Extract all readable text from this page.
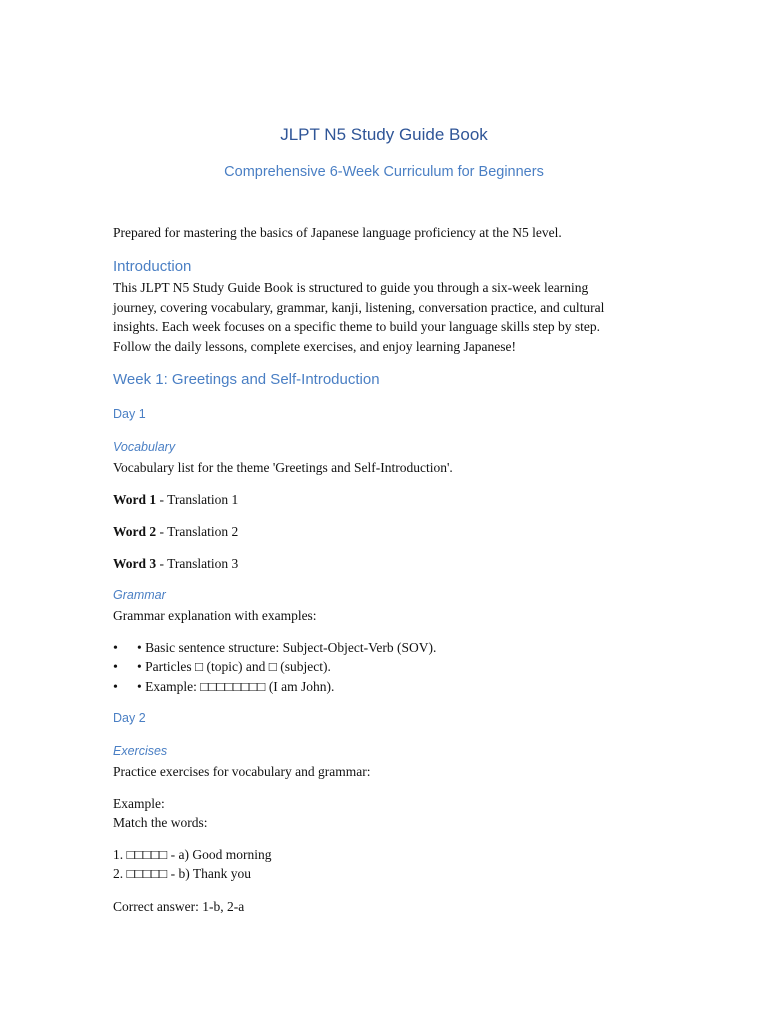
JLPT N5 Study Guide Book
Comprehensive 6-Week Curriculum for Beginners

Prepared for mastering the basics of Japanese language proficiency at the N5 level.

Introduction
This JLPT N5 Study Guide Book is structured to guide you through a six-week learning
journey, covering vocabulary, grammar, kanji, listening, conversation practice, and cultural
insights. Each week focuses on a specific theme to build your language skills step by step.
Follow the daily lessons, complete exercises, and enjoy learning Japanese!
Week 1: Greetings and Self-Introduction
Day 1
Vocabulary

Vocabulary list for the theme 'Greetings and Self-Introduction'.

Word 1 - Translation 1

Word 2 - Translation 2

Word 3 - Translation 3

Grammar

Grammar explanation with examples:

• • Basic sentence structure: Subject-Object-Verb (SOV).
• • Particles □ (topic) and □ (subject).
• • Example: □□□□□□□□ (I am John).
Day 2
Exercises

Practice exercises for vocabulary and grammar:

Example:

Match the words:

1. □□□□□ - a) Good morning

2. □□□□□ - b) Thank you

Correct answer: 1-b, 2-a
